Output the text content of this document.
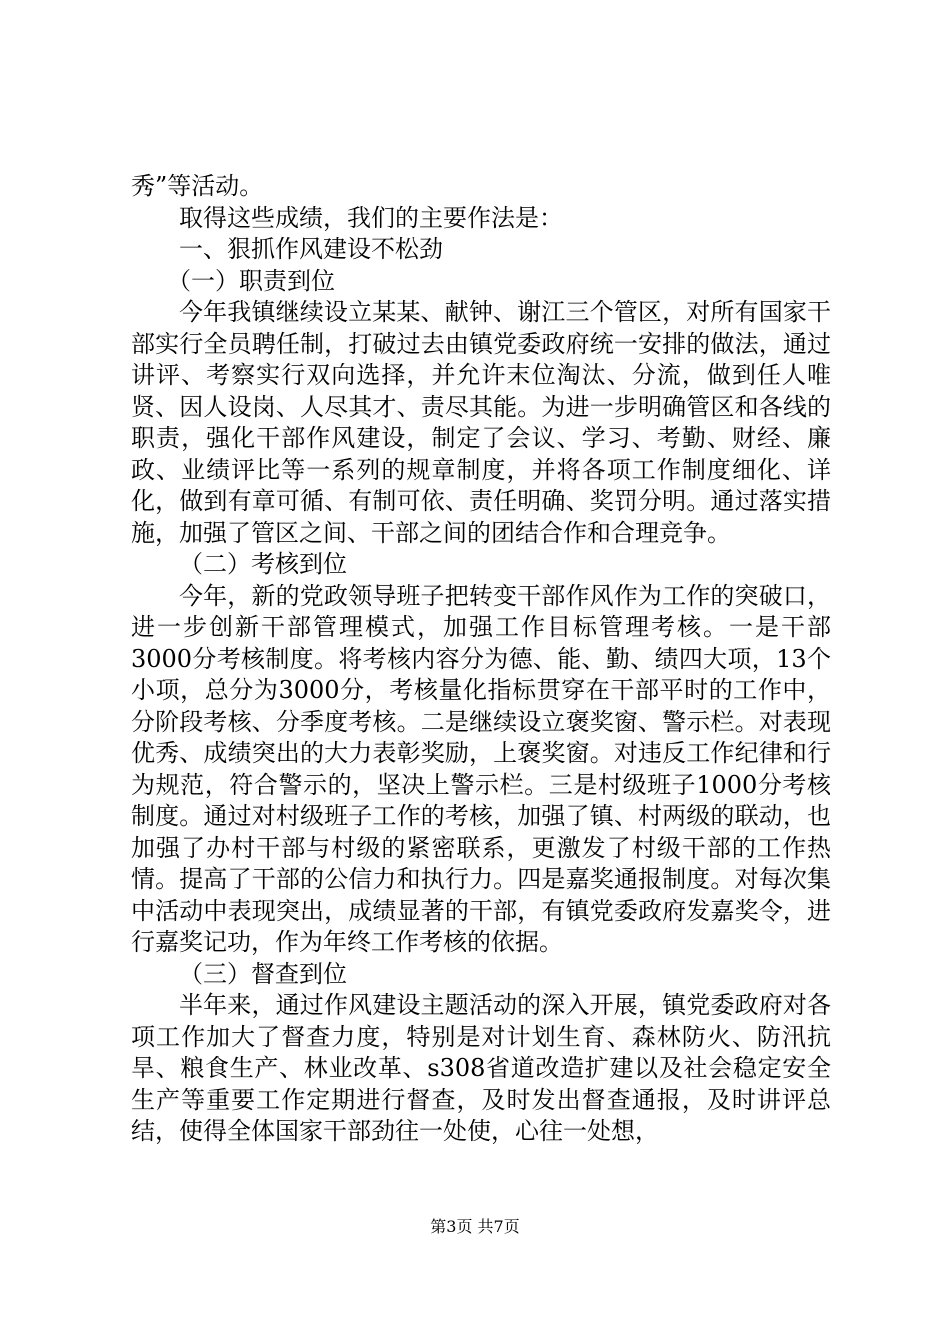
秀”等活动。

取得这些成绩，我们的主要作法是：

一、狠抓作风建设不松劲

（一）职责到位

今年我镇继续设立某某、献钟、谢江三个管区，对所有国家干部实行全员聘任制，打破过去由镇党委政府统一安排的做法，通过讲评、考察实行双向选择，并允许末位淘汰、分流，做到任人唯贤、因人设岗、人尽其才、责尽其能。为进一步明确管区和各线的职责，强化干部作风建设，制定了会议、学习、考勤、财经、廉政、业绩评比等一系列的规章制度，并将各项工作制度细化、详化，做到有章可循、有制可依、责任明确、奖罚分明。通过落实措施，加强了管区之间、干部之间的团结合作和合理竞争。

（二）考核到位

今年，新的党政领导班子把转变干部作风作为工作的突破口，进一步创新干部管理模式，加强工作目标管理考核。一是干部3000分考核制度。将考核内容分为德、能、勤、绩四大项，13个小项，总分为3000分，考核量化指标贯穿在干部平时的工作中，分阶段考核、分季度考核。二是继续设立褒奖窗、警示栏。对表现优秀、成绩突出的大力表彰奖励，上褒奖窗。对违反工作纪律和行为规范，符合警示的，坚决上警示栏。三是村级班子1000分考核制度。通过对村级班子工作的考核，加强了镇、村两级的联动，也加强了办村干部与村级的紧密联系，更激发了村级干部的工作热情。提高了干部的公信力和执行力。四是嘉奖通报制度。对每次集中活动中表现突出，成绩显著的干部，有镇党委政府发嘉奖令，进行嘉奖记功，作为年终工作考核的依据。

（三）督查到位

半年来，通过作风建设主题活动的深入开展，镇党委政府对各项工作加大了督查力度，特别是对计划生育、森林防火、防汛抗旱、粮食生产、林业改革、s308省道改造扩建以及社会稳定安全生产等重要工作定期进行督查，及时发出督查通报，及时讲评总结，使得全体国家干部劲往一处使，心往一处想，

第3页 共7页
